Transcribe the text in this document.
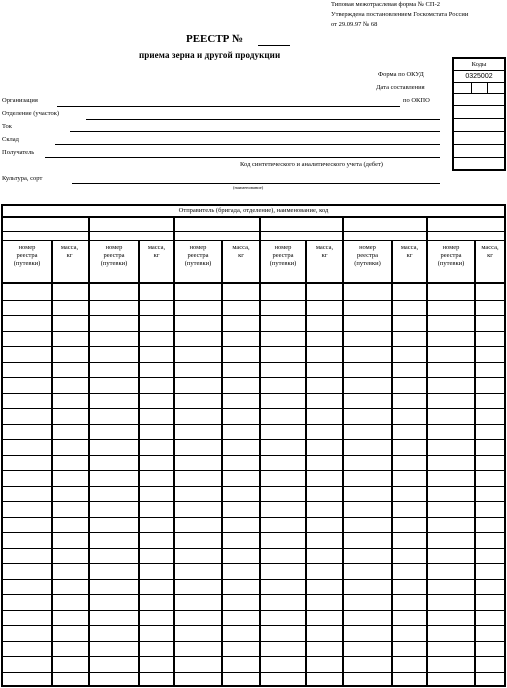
Типовая межотраслевая форма № СП-2
Утверждена постановлением Госкомстата России
от 29.09.97 № 68
РЕЕСТР №
приема зерна и другой продукции
Коды
0325002
Форма по ОКУД
Дата составления
по ОКПО
Организация
Отделение (участок)
Ток
Склад
Получатель
Код синтетического и аналитического учета (дебет)
Культура, сорт
(наименование)
Отправитель (бригада, отделение), наименование, код
номер
реестра
(путевки)
масса,
кг
номер
реестра
(путевки)
масса,
кг
номер
реестра
(путевки)
масса,
кг
номер
реестра
(путевки)
масса,
кг
номер
реестра
(путевки)
масса,
кг
номер
реестра
(путевки)
масса,
кг
